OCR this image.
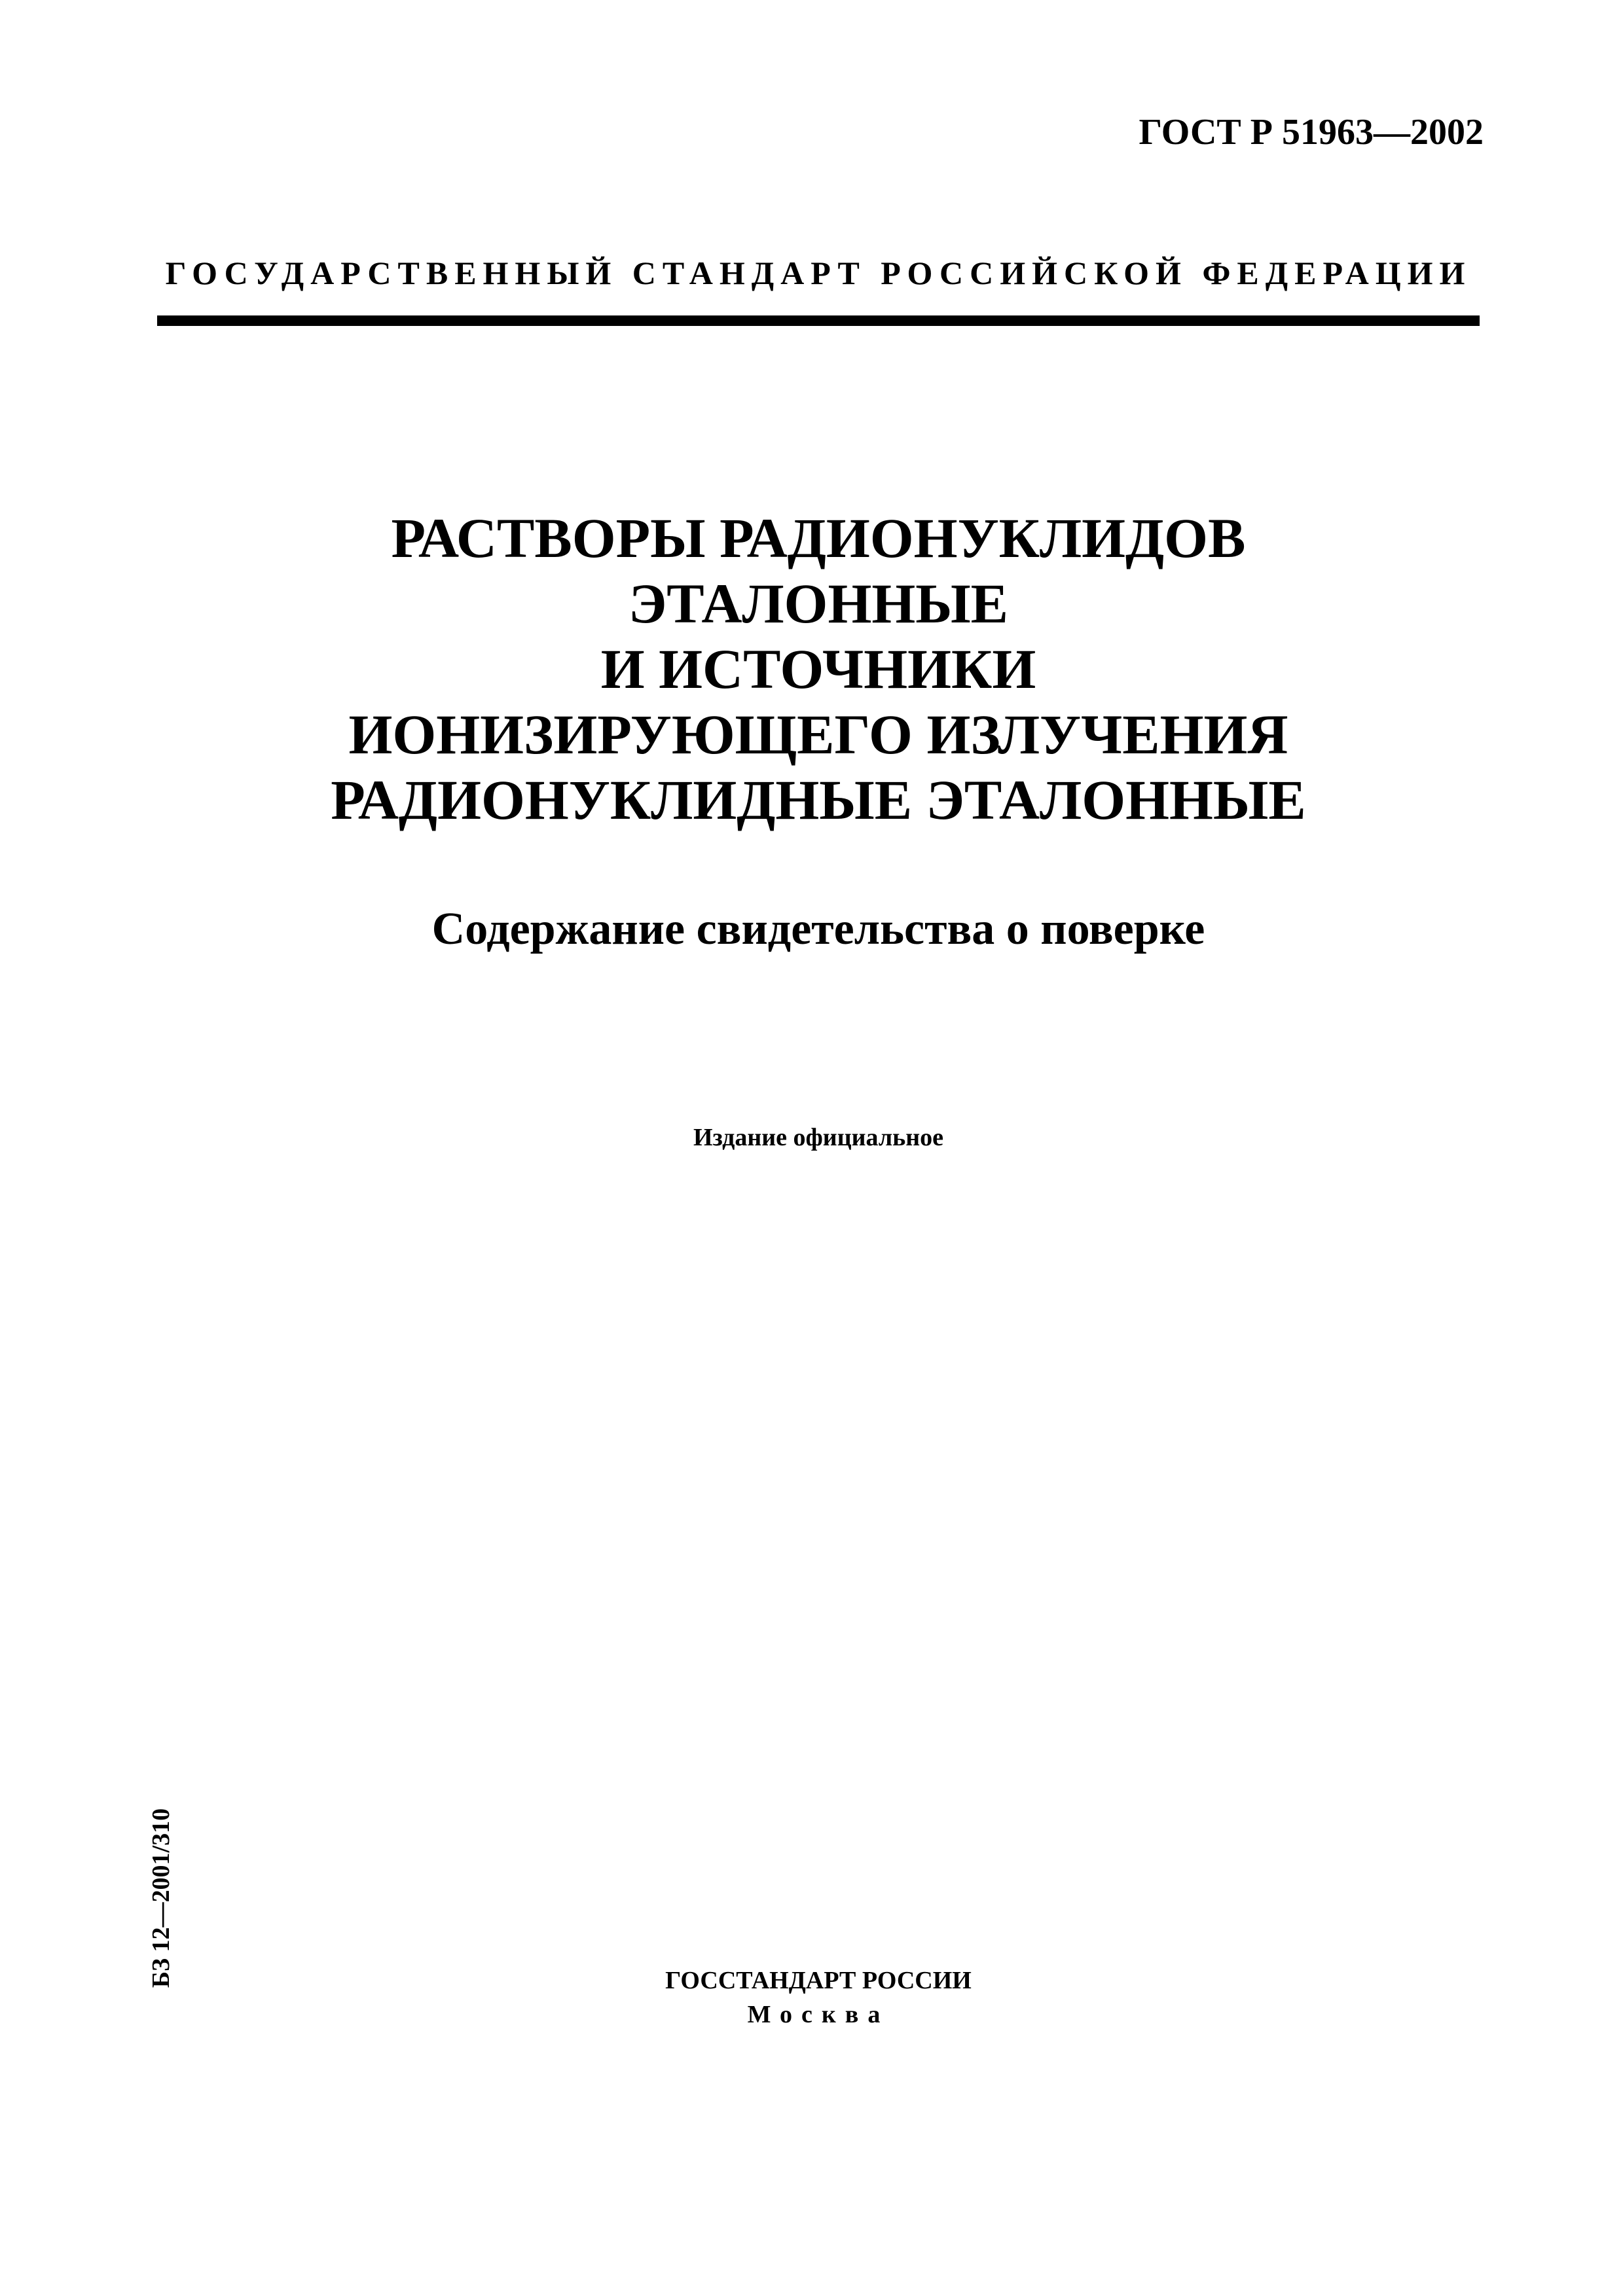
ГОСТ Р 51963—2002
ГОСУДАРСТВЕННЫЙ СТАНДАРТ РОССИЙСКОЙ ФЕДЕРАЦИИ
РАСТВОРЫ РАДИОНУКЛИДОВ
ЭТАЛОННЫЕ
И ИСТОЧНИКИ
ИОНИЗИРУЮЩЕГО ИЗЛУЧЕНИЯ
РАДИОНУКЛИДНЫЕ ЭТАЛОННЫЕ
Содержание свидетельства о поверке
Издание официальное
БЗ 12—2001/310	ГОССТАНДАРТ РОССИИ
Москва
